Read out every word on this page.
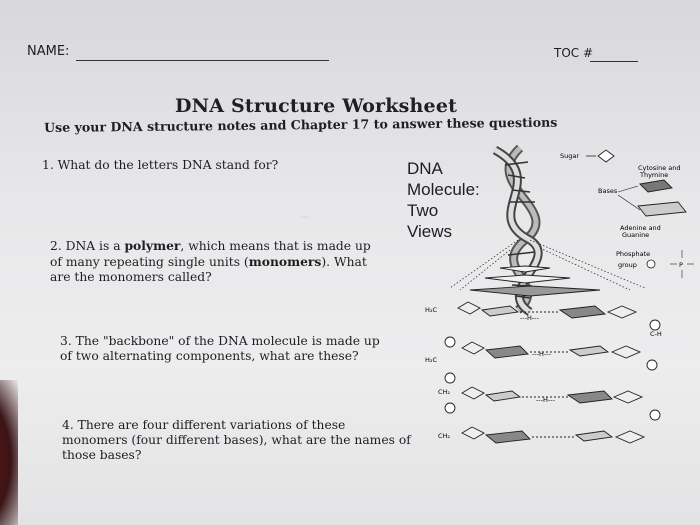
~
NAME:	TOC #
DNA Structure Worksheet
Use your DNA structure notes and Chapter 17 to answer these questions
1. What do the letters DNA stand for?
2. DNA is a polymer, which means that is made up of many repeating single units (monomers). What are the monomers called?
3. The "backbone" of the DNA molecule is made up of two alternating components, what are these?
4. There are four different variations of these monomers (four different bases), what are the names of those bases?
DNA
Molecule:
Two
Views
H₂C
H₂C
CH₂
CH₂
C-H
---H---
---H---
---H---
Sugar
Cytosine and
Thymine
Bases
Adenine and
Guanine
Phosphate
group	P
